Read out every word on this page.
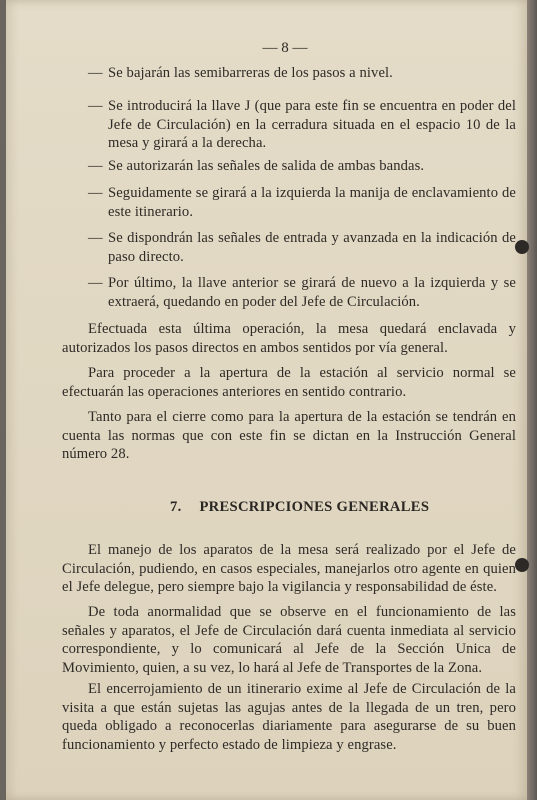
— 8 —
— Se bajarán las semibarreras de los pasos a nivel.
— Se introducirá la llave J (que para este fin se encuentra en poder del Jefe de Circulación) en la cerradura situada en el espacio 10 de la mesa y girará a la derecha.
— Se autorizarán las señales de salida de ambas bandas.
— Seguidamente se girará a la izquierda la manija de enclavamiento de este itinerario.
— Se dispondrán las señales de entrada y avanzada en la indicación de paso directo.
— Por último, la llave anterior se girará de nuevo a la izquierda y se extraerá, quedando en poder del Jefe de Circulación.
Efectuada esta última operación, la mesa quedará enclavada y autorizados los pasos directos en ambos sentidos por vía general.
Para proceder a la apertura de la estación al servicio normal se efectuarán las operaciones anteriores en sentido contrario.
Tanto para el cierre como para la apertura de la estación se tendrán en cuenta las normas que con este fin se dictan en la Instrucción General número 28.
7. PRESCRIPCIONES GENERALES
El manejo de los aparatos de la mesa será realizado por el Jefe de Circulación, pudiendo, en casos especiales, manejarlos otro agente en quien el Jefe delegue, pero siempre bajo la vigilancia y responsabilidad de éste.
De toda anormalidad que se observe en el funcionamiento de las señales y aparatos, el Jefe de Circulación dará cuenta inmediata al servicio correspondiente, y lo comunicará al Jefe de la Sección Unica de Movimiento, quien, a su vez, lo hará al Jefe de Transportes de la Zona.
El encerrojamiento de un itinerario exime al Jefe de Circulación de la visita a que están sujetas las agujas antes de la llegada de un tren, pero queda obligado a reconocerlas diariamente para asegurarse de su buen funcionamiento y perfecto estado de limpieza y engrase.
